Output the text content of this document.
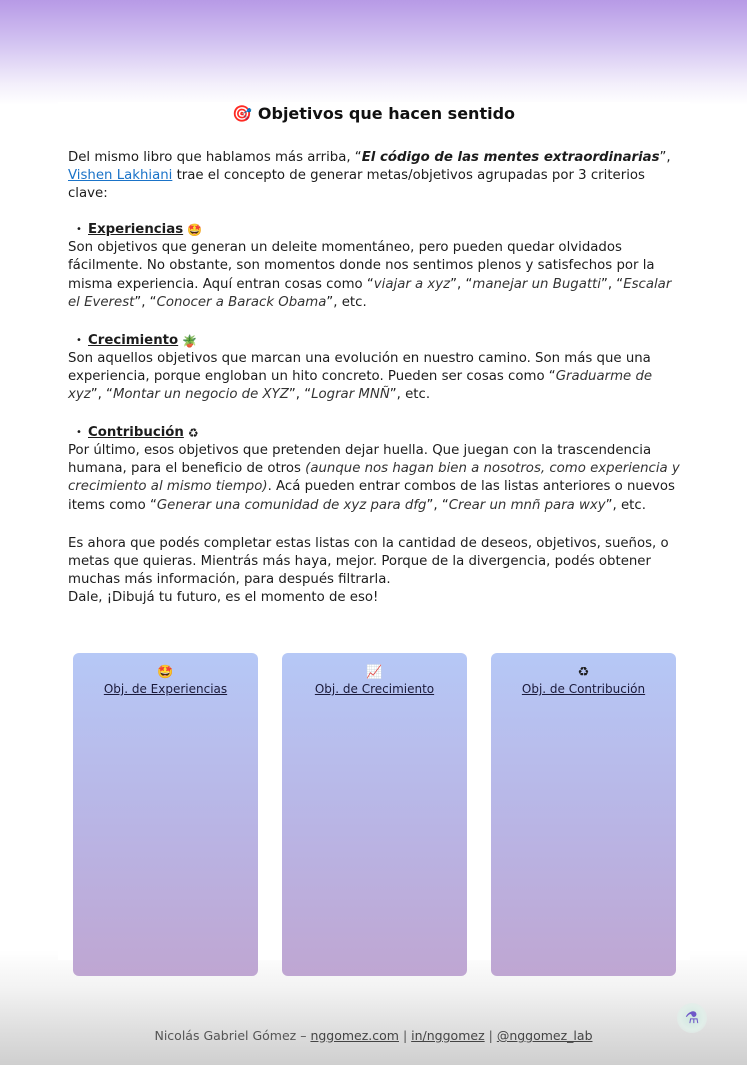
🎯 Objetivos que hacen sentido

Del mismo libro que hablamos más arriba, “El código de las mentes extraordinarias”,
Vishen Lakhiani trae el concepto de generar metas/objetivos agrupadas por 3 criterios clave:

• Experiencias 🤩

Son objetivos que generan un deleite momentáneo, pero pueden quedar olvidados fácilmente. No obstante, son momentos donde nos sentimos plenos y satisfechos por la misma experiencia. Aquí entran cosas como “viajar a xyz”, “manejar un Bugatti”, “Escalar el Everest”, “Conocer a Barack Obama”, etc.

• Crecimiento 🪴

Son aquellos objetivos que marcan una evolución en nuestro camino. Son más que una experiencia, porque engloban un hito concreto. Pueden ser cosas como “Graduarme de xyz”, “Montar un negocio de XYZ”, “Lograr MNÑ”, etc.

• Contribución ♻

Por último, esos objetivos que pretenden dejar huella. Que juegan con la trascendencia humana, para el beneficio de otros (aunque nos hagan bien a nosotros, como experiencia y crecimiento al mismo tiempo). Acá pueden entrar combos de las listas anteriores o nuevos items como “Generar una comunidad de xyz para dfg”, “Crear un mnñ para wxy”, etc.

Es ahora que podés completar estas listas con la cantidad de deseos, objetivos, sueños, o metas que quieras. Mientrás más haya, mejor. Porque de la divergencia, podés obtener muchas más información, para después filtrarla.

Dale, ¡Dibujá tu futuro, es el momento de eso!

🤩
Obj. de Experiencias
📈
Obj. de Crecimiento
♻
Obj. de Contribución
Nicolás Gabriel Gómez – nggomez.com | in/nggomez | @nggomez_lab
⚗
